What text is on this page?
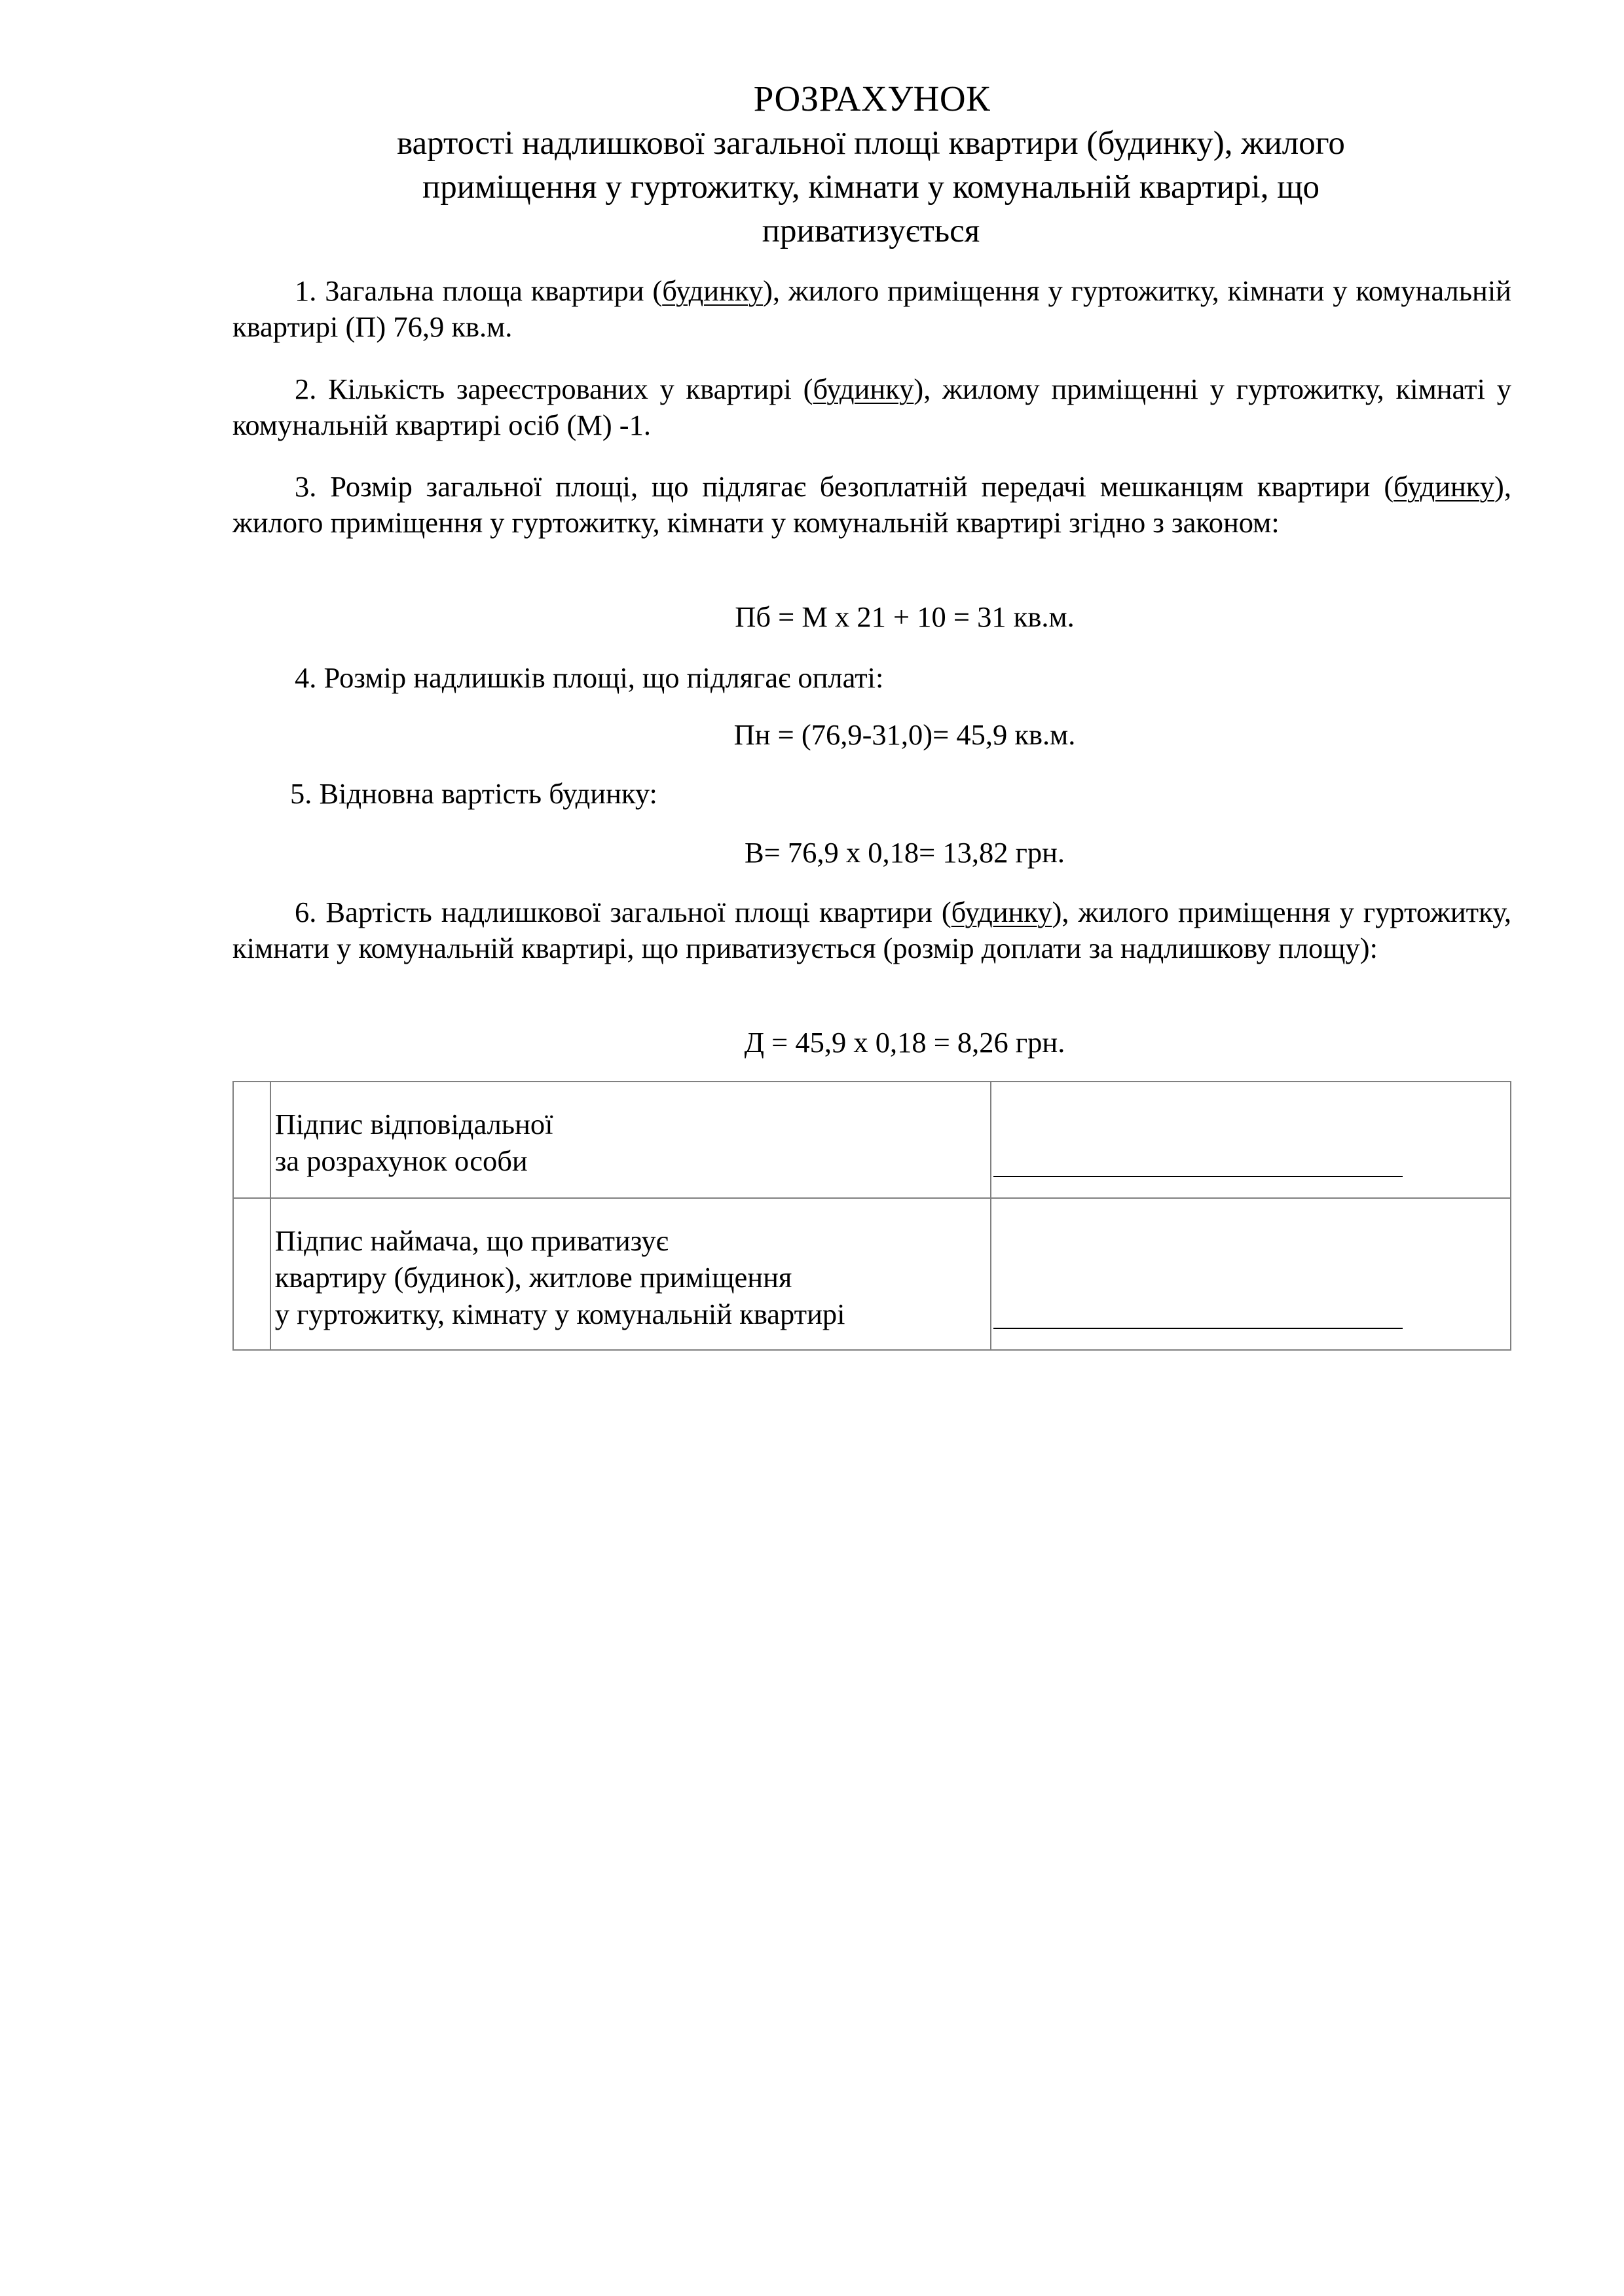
РОЗРАХУНОК
вартості надлишкової загальної площі квартири (будинку), жилого
приміщення у гуртожитку, кімнати у комунальній квартирі, що
приватизується

1. Загальна площа квартири (будинку), жилого приміщення у гуртожитку, кімнати у комунальній квартирі (П) 76,9 кв.м.

2. Кількість зареєстрованих у квартирі (будинку), жилому приміщенні у гуртожитку, кімнаті у комунальній квартирі осіб (М) -1.

3. Розмір загальної площі, що підлягає безоплатній передачі мешканцям квартири (будинку), жилого приміщення у гуртожитку, кімнати у комунальній квартирі згідно з законом:

Пб = М х 21 + 10 = 31 кв.м.

4. Розмір надлишків площі, що підлягає оплаті:

Пн = (76,9-31,0)= 45,9 кв.м.

5. Відновна вартість будинку:

В= 76,9 х 0,18= 13,82 грн.

6. Вартість надлишкової загальної площі квартири (будинку), жилого приміщення у гуртожитку, кімнати у комунальній квартирі, що приватизується (розмір доплати за надлишкову площу):

Д = 45,9 х 0,18 = 8,26 грн.

	Підпис відповідальної
за розрахунок особи	

	Підпис наймача, що приватизує
квартиру (будинок), житлове приміщення
у гуртожитку, кімнату у комунальній квартирі	
